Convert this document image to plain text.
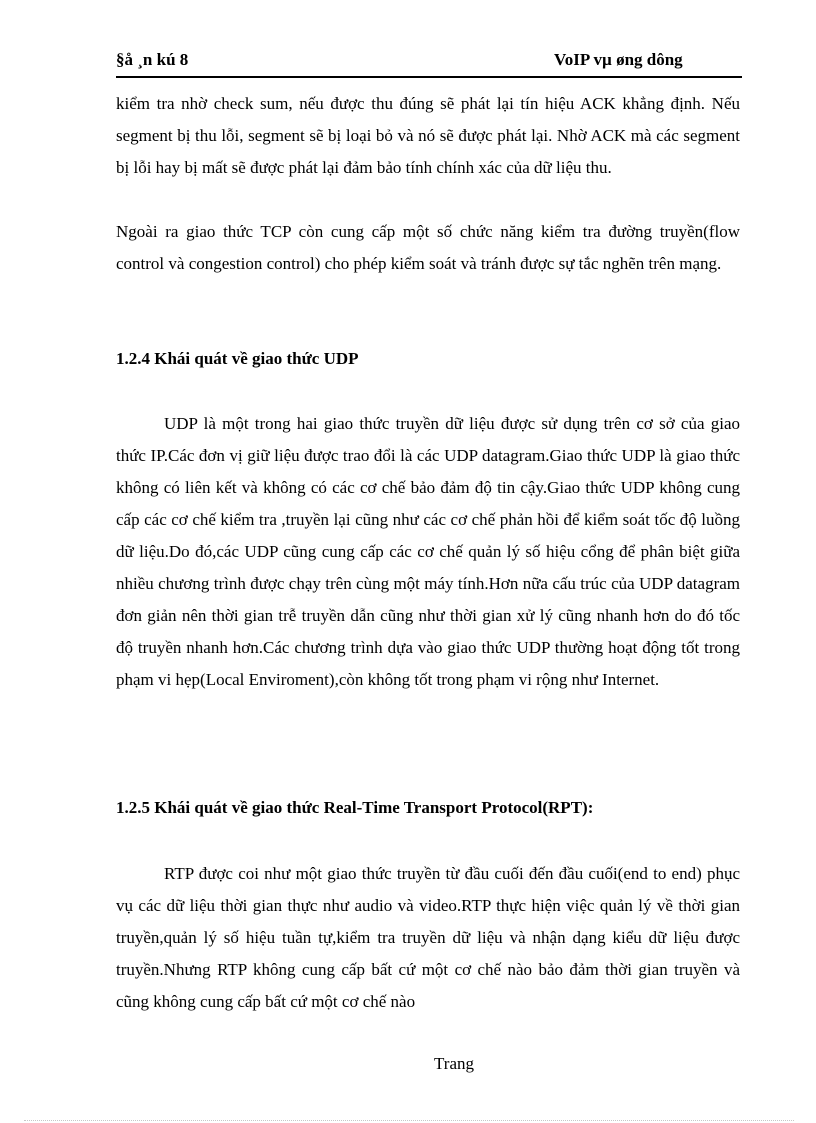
§å ¸n kú 8	VoIP vµ øng dông

kiểm tra nhờ check sum, nếu được thu đúng sẽ phát lại tín hiệu ACK khẳng định. Nếu segment bị thu lỗi, segment sẽ bị loại bỏ và nó sẽ được phát lại. Nhờ ACK mà các segment bị lỗi hay bị mất sẽ được phát lại đảm bảo tính chính xác của dữ liệu thu.

Ngoài ra giao thức TCP còn cung cấp một số chức năng kiểm tra đường truyền(flow control và congestion control) cho phép kiểm soát và tránh được sự tắc nghẽn trên mạng.

1.2.4 Khái quát về giao thức UDP

UDP là một trong hai giao thức truyền dữ liệu được sử dụng trên cơ sở của giao thức IP.Các đơn vị giữ liệu được trao đổi là các UDP datagram.Giao thức UDP là giao thức không có liên kết và không có các cơ chế bảo đảm độ tin cậy.Giao thức UDP không cung cấp các cơ chế kiểm tra ,truyền lại cũng như các cơ chế phản hồi để kiểm soát tốc độ luồng dữ liệu.Do đó,các UDP cũng cung cấp các cơ chế quản lý số hiệu cổng để phân biệt giữa nhiều chương trình được chạy trên cùng một máy tính.Hơn nữa cấu trúc của UDP datagram đơn giản nên thời gian trễ truyền dẫn cũng như thời gian xử lý cũng nhanh hơn do đó tốc độ truyền nhanh hơn.Các chương trình dựa vào giao thức UDP thường hoạt động tốt trong phạm vi hẹp(Local Enviroment),còn không tốt trong phạm vi rộng như Internet.

1.2.5 Khái quát về giao thức Real-Time Transport Protocol(RPT):

RTP được coi như một giao thức truyền từ đầu cuối đến đầu cuối(end to end) phục vụ các dữ liệu thời gian thực như audio và video.RTP thực hiện việc quản lý về thời gian truyền,quản lý số hiệu tuần tự,kiểm tra truyền dữ liệu và nhận dạng kiểu dữ liệu được truyền.Nhưng RTP không cung cấp bất cứ một cơ chế nào bảo đảm thời gian truyền và cũng không cung cấp bất cứ một cơ chế nào

Trang
